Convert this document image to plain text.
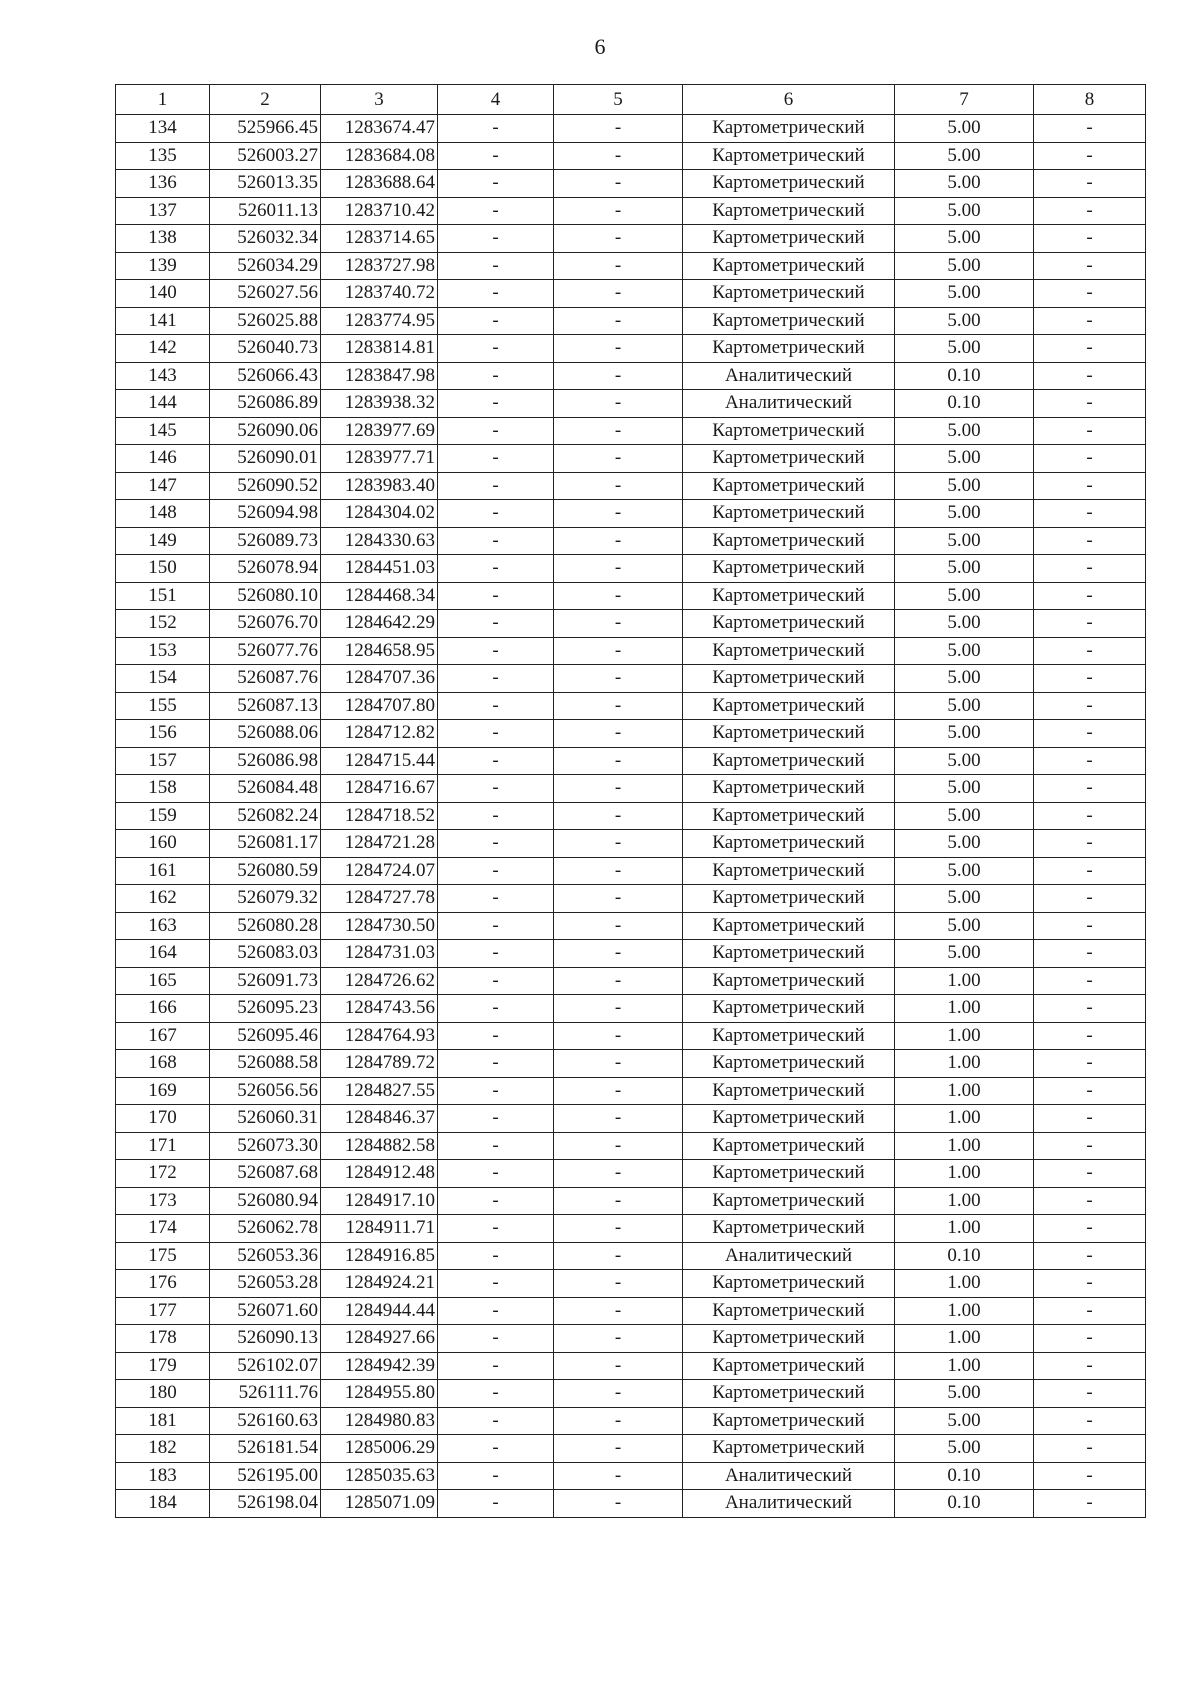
6
1	2	3	4	5	6	7	8
134	525966.45	1283674.47	-	-	Картометрический	5.00	-
135	526003.27	1283684.08	-	-	Картометрический	5.00	-
136	526013.35	1283688.64	-	-	Картометрический	5.00	-
137	526011.13	1283710.42	-	-	Картометрический	5.00	-
138	526032.34	1283714.65	-	-	Картометрический	5.00	-
139	526034.29	1283727.98	-	-	Картометрический	5.00	-
140	526027.56	1283740.72	-	-	Картометрический	5.00	-
141	526025.88	1283774.95	-	-	Картометрический	5.00	-
142	526040.73	1283814.81	-	-	Картометрический	5.00	-
143	526066.43	1283847.98	-	-	Аналитический	0.10	-
144	526086.89	1283938.32	-	-	Аналитический	0.10	-
145	526090.06	1283977.69	-	-	Картометрический	5.00	-
146	526090.01	1283977.71	-	-	Картометрический	5.00	-
147	526090.52	1283983.40	-	-	Картометрический	5.00	-
148	526094.98	1284304.02	-	-	Картометрический	5.00	-
149	526089.73	1284330.63	-	-	Картометрический	5.00	-
150	526078.94	1284451.03	-	-	Картометрический	5.00	-
151	526080.10	1284468.34	-	-	Картометрический	5.00	-
152	526076.70	1284642.29	-	-	Картометрический	5.00	-
153	526077.76	1284658.95	-	-	Картометрический	5.00	-
154	526087.76	1284707.36	-	-	Картометрический	5.00	-
155	526087.13	1284707.80	-	-	Картометрический	5.00	-
156	526088.06	1284712.82	-	-	Картометрический	5.00	-
157	526086.98	1284715.44	-	-	Картометрический	5.00	-
158	526084.48	1284716.67	-	-	Картометрический	5.00	-
159	526082.24	1284718.52	-	-	Картометрический	5.00	-
160	526081.17	1284721.28	-	-	Картометрический	5.00	-
161	526080.59	1284724.07	-	-	Картометрический	5.00	-
162	526079.32	1284727.78	-	-	Картометрический	5.00	-
163	526080.28	1284730.50	-	-	Картометрический	5.00	-
164	526083.03	1284731.03	-	-	Картометрический	5.00	-
165	526091.73	1284726.62	-	-	Картометрический	1.00	-
166	526095.23	1284743.56	-	-	Картометрический	1.00	-
167	526095.46	1284764.93	-	-	Картометрический	1.00	-
168	526088.58	1284789.72	-	-	Картометрический	1.00	-
169	526056.56	1284827.55	-	-	Картометрический	1.00	-
170	526060.31	1284846.37	-	-	Картометрический	1.00	-
171	526073.30	1284882.58	-	-	Картометрический	1.00	-
172	526087.68	1284912.48	-	-	Картометрический	1.00	-
173	526080.94	1284917.10	-	-	Картометрический	1.00	-
174	526062.78	1284911.71	-	-	Картометрический	1.00	-
175	526053.36	1284916.85	-	-	Аналитический	0.10	-
176	526053.28	1284924.21	-	-	Картометрический	1.00	-
177	526071.60	1284944.44	-	-	Картометрический	1.00	-
178	526090.13	1284927.66	-	-	Картометрический	1.00	-
179	526102.07	1284942.39	-	-	Картометрический	1.00	-
180	526111.76	1284955.80	-	-	Картометрический	5.00	-
181	526160.63	1284980.83	-	-	Картометрический	5.00	-
182	526181.54	1285006.29	-	-	Картометрический	5.00	-
183	526195.00	1285035.63	-	-	Аналитический	0.10	-
184	526198.04	1285071.09	-	-	Аналитический	0.10	-
